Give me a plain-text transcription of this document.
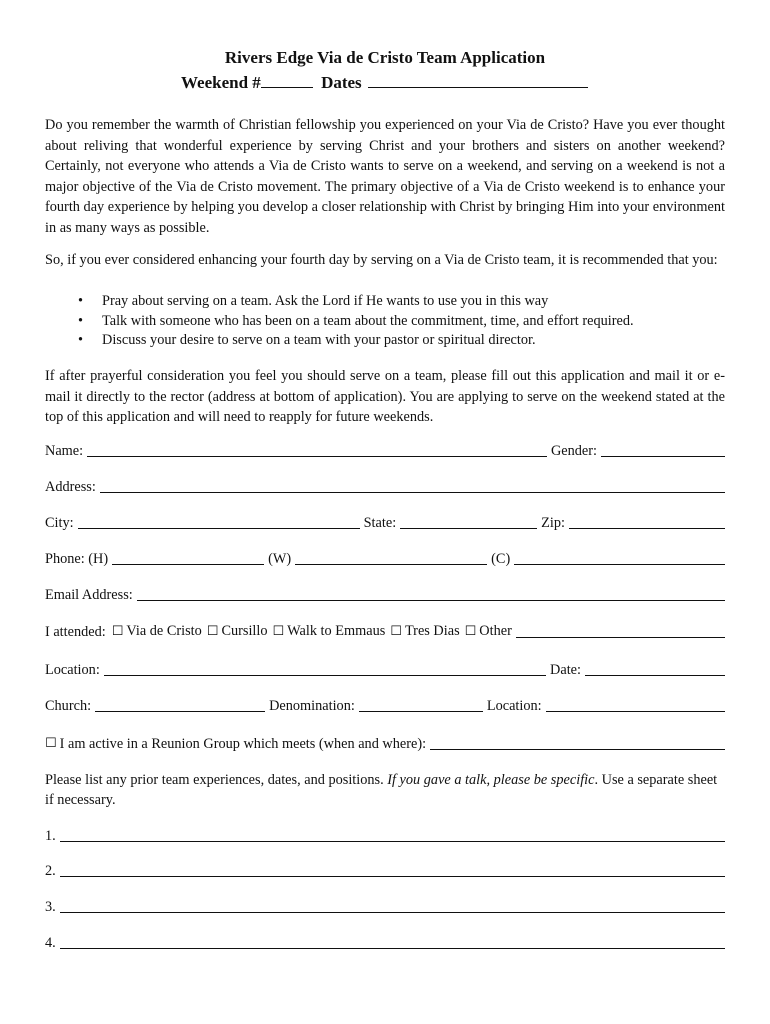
Rivers Edge Via de Cristo Team Application
Weekend #	Dates

Do you remember the warmth of Christian fellowship you experienced on your Via de Cristo? Have you ever thought about reliving that wonderful experience by serving Christ and your brothers and sisters on another weekend? Certainly, not everyone who attends a Via de Cristo wants to serve on a weekend, and serving on a weekend is not a major objective of the Via de Cristo movement. The primary objective of a Via de Cristo weekend is to enhance your fourth day experience by helping you develop a closer relationship with Christ by bringing Him into your environment in as many ways as possible.

So, if you ever considered enhancing your fourth day by serving on a Via de Cristo team, it is recommended that you:

• Pray about serving on a team. Ask the Lord if He wants to use you in this way
• Talk with someone who has been on a team about the commitment, time, and effort required.
• Discuss your desire to serve on a team with your pastor or spiritual director.

If after prayerful consideration you feel you should serve on a team, please fill out this application and mail it or e-mail it directly to the rector (address at bottom of application). You are applying to serve on the weekend stated at the top of this application and will need to reapply for future weekends.

Name:	Gender:
Address:
City:	State:	Zip:
Phone: (H)	(W)	(C)
Email Address:
I attended: ☐ Via de Cristo ☐ Cursillo ☐ Walk to Emmaus ☐ Tres Dias ☐ Other
Location:	Date:
Church:	Denomination:	Location:
☐ I am active in a Reunion Group which meets (when and where):

Please list any prior team experiences, dates, and positions. If you gave a talk, please be specific. Use a separate sheet if necessary.

1.
2.
3.
4.
